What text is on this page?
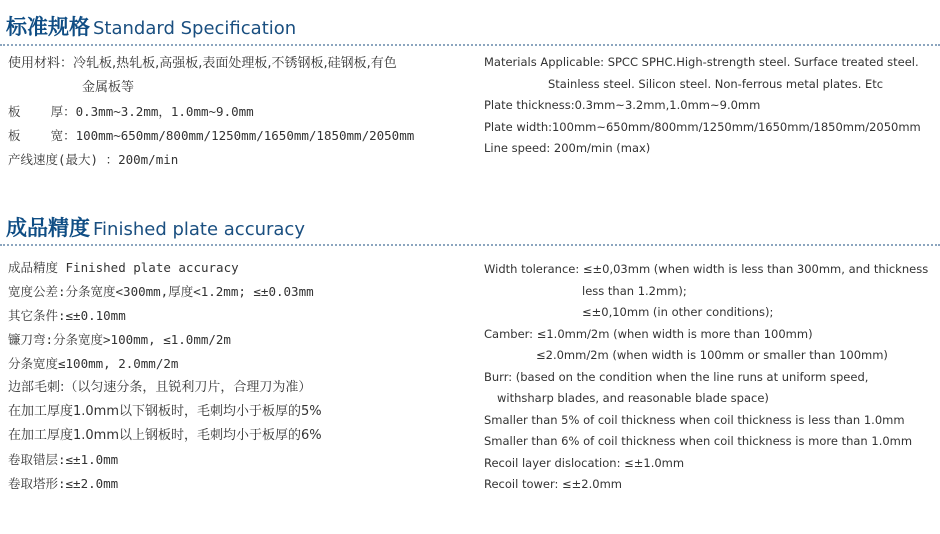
标准规格 Standard Specification
使用材料：冷轧板,热轧板,高强板,表面处理板,不锈钢板,硅钢板,有色
金属板等
板    厚：0.3mm~3.2mm，1.0mm~9.0mm
板    宽：100mm~650mm/800mm/1250mm/1650mm/1850mm/2050mm
产线速度(最大) ：200m/min
Materials Applicable: SPCC SPHC.High-strength steel. Surface treated steel.
Stainless steel. Silicon steel. Non-ferrous metal plates. Etc
Plate thickness:0.3mm~3.2mm,1.0mm~9.0mm
Plate width:100mm~650mm/800mm/1250mm/1650mm/1850mm/2050mm
Line speed: 200m/min (max)
成品精度 Finished plate accuracy
成品精度 Finished plate accuracy
宽度公差:分条宽度<300mm,厚度<1.2mm; ≤±0.03mm
其它条件:≤±0.10mm
镰刀弯:分条宽度>100mm, ≤1.0mm/2m
分条宽度≤100mm, 2.0mm/2m
边部毛刺:（以匀速分条，且锐利刀片，合理刀为准）
在加工厚度1.0mm以下钢板时，毛刺均小于板厚的5%
在加工厚度1.0mm以上钢板时，毛刺均小于板厚的6%
卷取错层:≤±1.0mm
卷取塔形:≤±2.0mm
Width tolerance: ≤±0,03mm (when width is less than 300mm, and thickness
less than 1.2mm);
≤±0,10mm (in other conditions);
Camber: ≤1.0mm/2m (when width is more than 100mm)
≤2.0mm/2m (when width is 100mm or smaller than 100mm)
Burr: (based on the condition when the line runs at uniform speed,
withsharp blades, and reasonable blade space)
Smaller than 5% of coil thickness when coil thickness is less than 1.0mm
Smaller than 6% of coil thickness when coil thickness is more than 1.0mm
Recoil layer dislocation: ≤±1.0mm
Recoil tower: ≤±2.0mm
